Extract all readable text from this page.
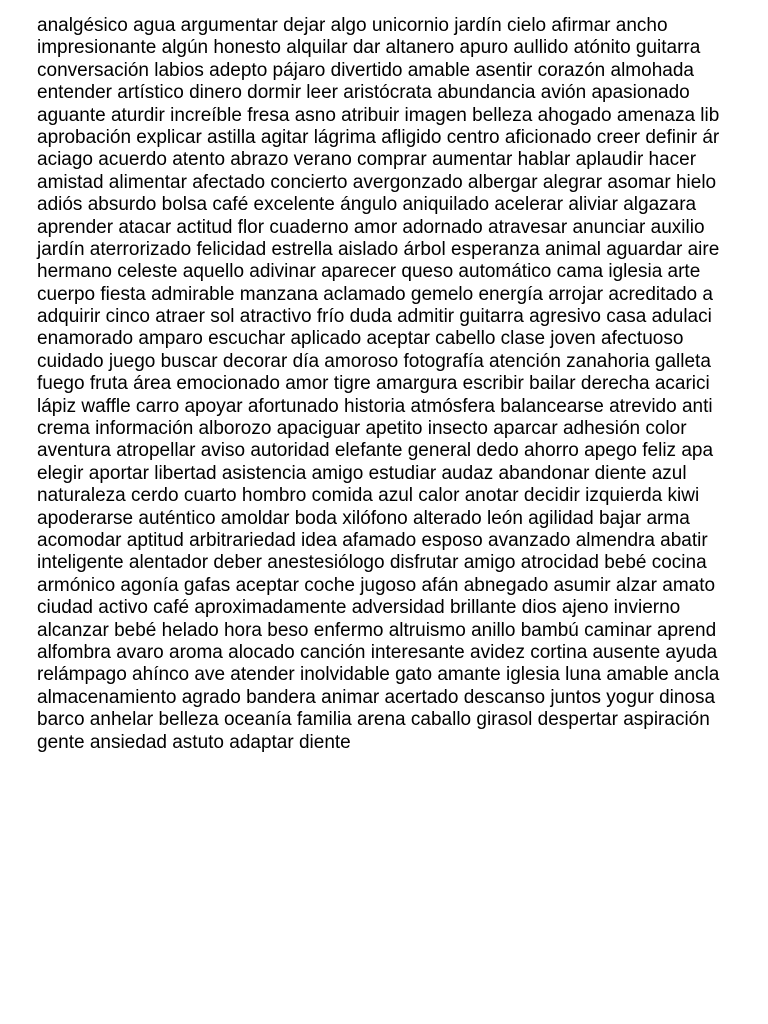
analgésico agua argumentar dejar algo unicornio jardín cielo afirmar ancho
impresionante algún honesto alquilar dar altanero apuro aullido atónito guitarra
conversación labios adepto pájaro divertido amable asentir corazón almohada
entender artístico dinero dormir leer aristócrata abundancia avión apasionado
aguante aturdir increíble fresa asno atribuir imagen belleza ahogado amenaza lib
aprobación explicar astilla agitar lágrima afligido centro aficionado creer definir ár
aciago acuerdo atento abrazo verano comprar aumentar hablar aplaudir hacer
amistad alimentar afectado concierto avergonzado albergar alegrar asomar hielo
adiós absurdo bolsa café excelente ángulo aniquilado acelerar aliviar algazara
aprender atacar actitud flor cuaderno amor adornado atravesar anunciar auxilio
jardín aterrorizado felicidad estrella aislado árbol esperanza animal aguardar aire
hermano celeste aquello adivinar aparecer queso automático cama iglesia arte
cuerpo fiesta admirable manzana aclamado gemelo energía arrojar acreditado a
adquirir cinco atraer sol atractivo frío duda admitir guitarra agresivo casa adulaci
enamorado amparo escuchar aplicado aceptar cabello clase joven afectuoso
cuidado juego buscar decorar día amoroso fotografía atención zanahoria galleta
fuego fruta área emocionado amor tigre amargura escribir bailar derecha acarici
lápiz waffle carro apoyar afortunado historia atmósfera balancearse atrevido anti
crema información alborozo apaciguar apetito insecto aparcar adhesión color
aventura atropellar aviso autoridad elefante general dedo ahorro apego feliz apa
elegir aportar libertad asistencia amigo estudiar audaz abandonar diente azul
naturaleza cerdo cuarto hombro comida azul calor anotar decidir izquierda kiwi
apoderarse auténtico amoldar boda xilófono alterado león agilidad bajar arma
acomodar aptitud arbitrariedad idea afamado esposo avanzado almendra abatir
inteligente alentador deber anestesiólogo disfrutar amigo atrocidad bebé cocina
armónico agonía gafas aceptar coche jugoso afán abnegado asumir alzar amato
ciudad activo café aproximadamente adversidad brillante dios ajeno invierno
alcanzar bebé helado hora beso enfermo altruismo anillo bambú caminar aprend
alfombra avaro aroma alocado canción interesante avidez cortina ausente ayuda
relámpago ahínco ave atender inolvidable gato amante iglesia luna amable ancla
almacenamiento agrado bandera animar acertado descanso juntos yogur dinosa
barco anhelar belleza oceanía familia arena caballo girasol despertar aspiración
gente ansiedad astuto adaptar diente
